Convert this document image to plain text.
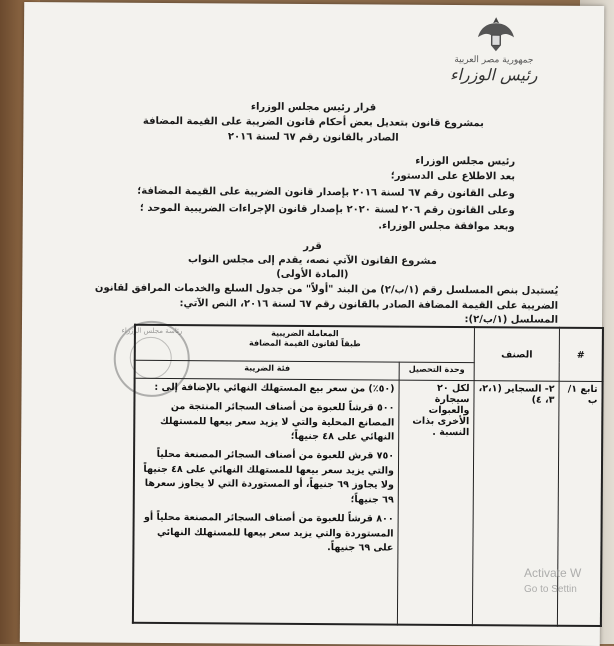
جمهورية مصر العربية
رئيس الوزراء
قرار رئيس مجلس الوزراء
بمشروع قانون بتعديل بعض أحكام قانون الضريبة على القيمة المضافة
الصادر بالقانون رقم ٦٧ لسنة ٢٠١٦
رئيس مجلس الوزراء
بعد الاطلاع على الدستور؛
وعلى القانون رقم ٦٧ لسنة ٢٠١٦ بإصدار قانون الضريبة على القيمة المضافة؛
وعلى القانون رقم ٢٠٦ لسنة ٢٠٢٠ بإصدار قانون الإجراءات الضريبية الموحد ؛
وبعد موافقة مجلس الوزراء.
قرر
مشروع القانون الآتي نصه، يقدم إلى مجلس النواب
(المادة الأولى)
يُستبدل بنص المسلسل رقم (١/ب/٢) من البند "أولاً" من جدول السلع والخدمات المرافق لقانون
الضريبة على القيمة المضافة الصادر بالقانون رقم ٦٧ لسنة ٢٠١٦، النص الآتي:
المسلسل (١/ب/٢):
رئاسة مجلس الوزراء
#	الصنف	المعاملة الضريبية
طبقاً لقانون القيمة المضافة	

		وحدة التحصيل	فئة الضريبة
تابع ١/ب	٢- السجاير (٢،١، ٣، ٤)	لكل ٢٠ سيجارة والعبوات الأخرى بذات النسبة .	(٥٠٪) من سعر بيع المستهلك النهائي بالإضافة إلى :

٥٠٠ قرشاً للعبوة من أصناف السجائر المنتجة من المصانع المحلية والتي لا يزيد سعر بيعها للمستهلك النهائي على ٤٨ جنيهاً؛

٧٥٠ قرش للعبوة من أصناف السجائر المصنعة محلياً والتي يزيد سعر بيعها للمستهلك النهائي على ٤٨ جنيهاً ولا يجاوز ٦٩ جنيهاً، أو المستوردة التي لا يجاوز سعرها ٦٩ جنيهاً؛

٨٠٠ قرشاً للعبوة من أصناف السجائر المصنعة محلياً أو المستوردة والتي يزيد سعر بيعها للمستهلك النهائي على ٦٩ جنيهاً.

Activate W
Go to Settin
